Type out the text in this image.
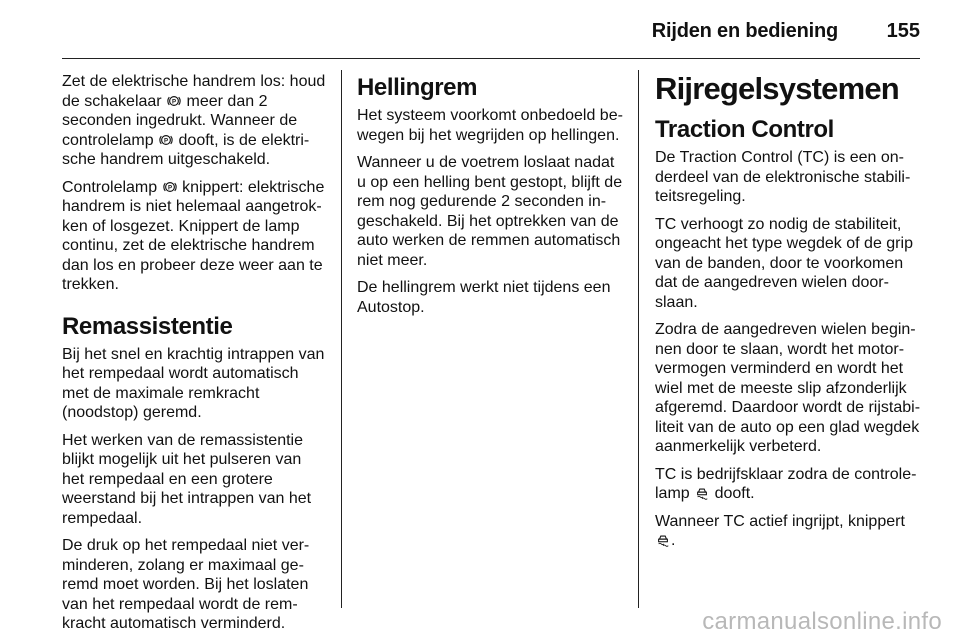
Rijden en bediening 155

Zet de elektrische handrem los: houd de schakelaar P meer dan 2 seconden ingedrukt. Wanneer de controlelamp P dooft, is de elektrische handrem uitgeschakeld.

Controlelamp P knippert: elektrische handrem is niet helemaal aangetrokken of losgezet. Knippert de lamp continu, zet de elektrische handrem dan los en probeer deze weer aan te trekken.

Remassistentie

Bij het snel en krachtig intrappen van het rempedaal wordt automatisch met de maximale remkracht (noodstop) geremd.

Het werken van de remassistentie blijkt mogelijk uit het pulseren van het rempedaal en een grotere weerstand bij het intrappen van het rempedaal.

De druk op het rempedaal niet verminderen, zolang er maximaal geremd moet worden. Bij het loslaten van het rempedaal wordt de remkracht automatisch verminderd.

Hellingrem

Het systeem voorkomt onbedoeld bewegen bij het wegrijden op hellingen.

Wanneer u de voetrem loslaat nadat u op een helling bent gestopt, blijft de rem nog gedurende 2 seconden ingeschakeld. Bij het optrekken van de auto werken de remmen automatisch niet meer.

De hellingrem werkt niet tijdens een Autostop.

Rijregelsystemen
Traction Control

De Traction Control (TC) is een onderdeel van de elektronische stabiliteitsregeling.

TC verhoogt zo nodig de stabiliteit, ongeacht het type wegdek of de grip van de banden, door te voorkomen dat de aangedreven wielen doorslaan.

Zodra de aangedreven wielen beginnen door te slaan, wordt het motorvermogen verminderd en wordt het wiel met de meeste slip afzonderlijk afgeremd. Daardoor wordt de rijstabiliteit van de auto op een glad wegdek aanmerkelijk verbeterd.

TC is bedrijfsklaar zodra de controlelamp dooft.

Wanneer TC actief ingrijpt, knippert .

carmanualsonline.info
